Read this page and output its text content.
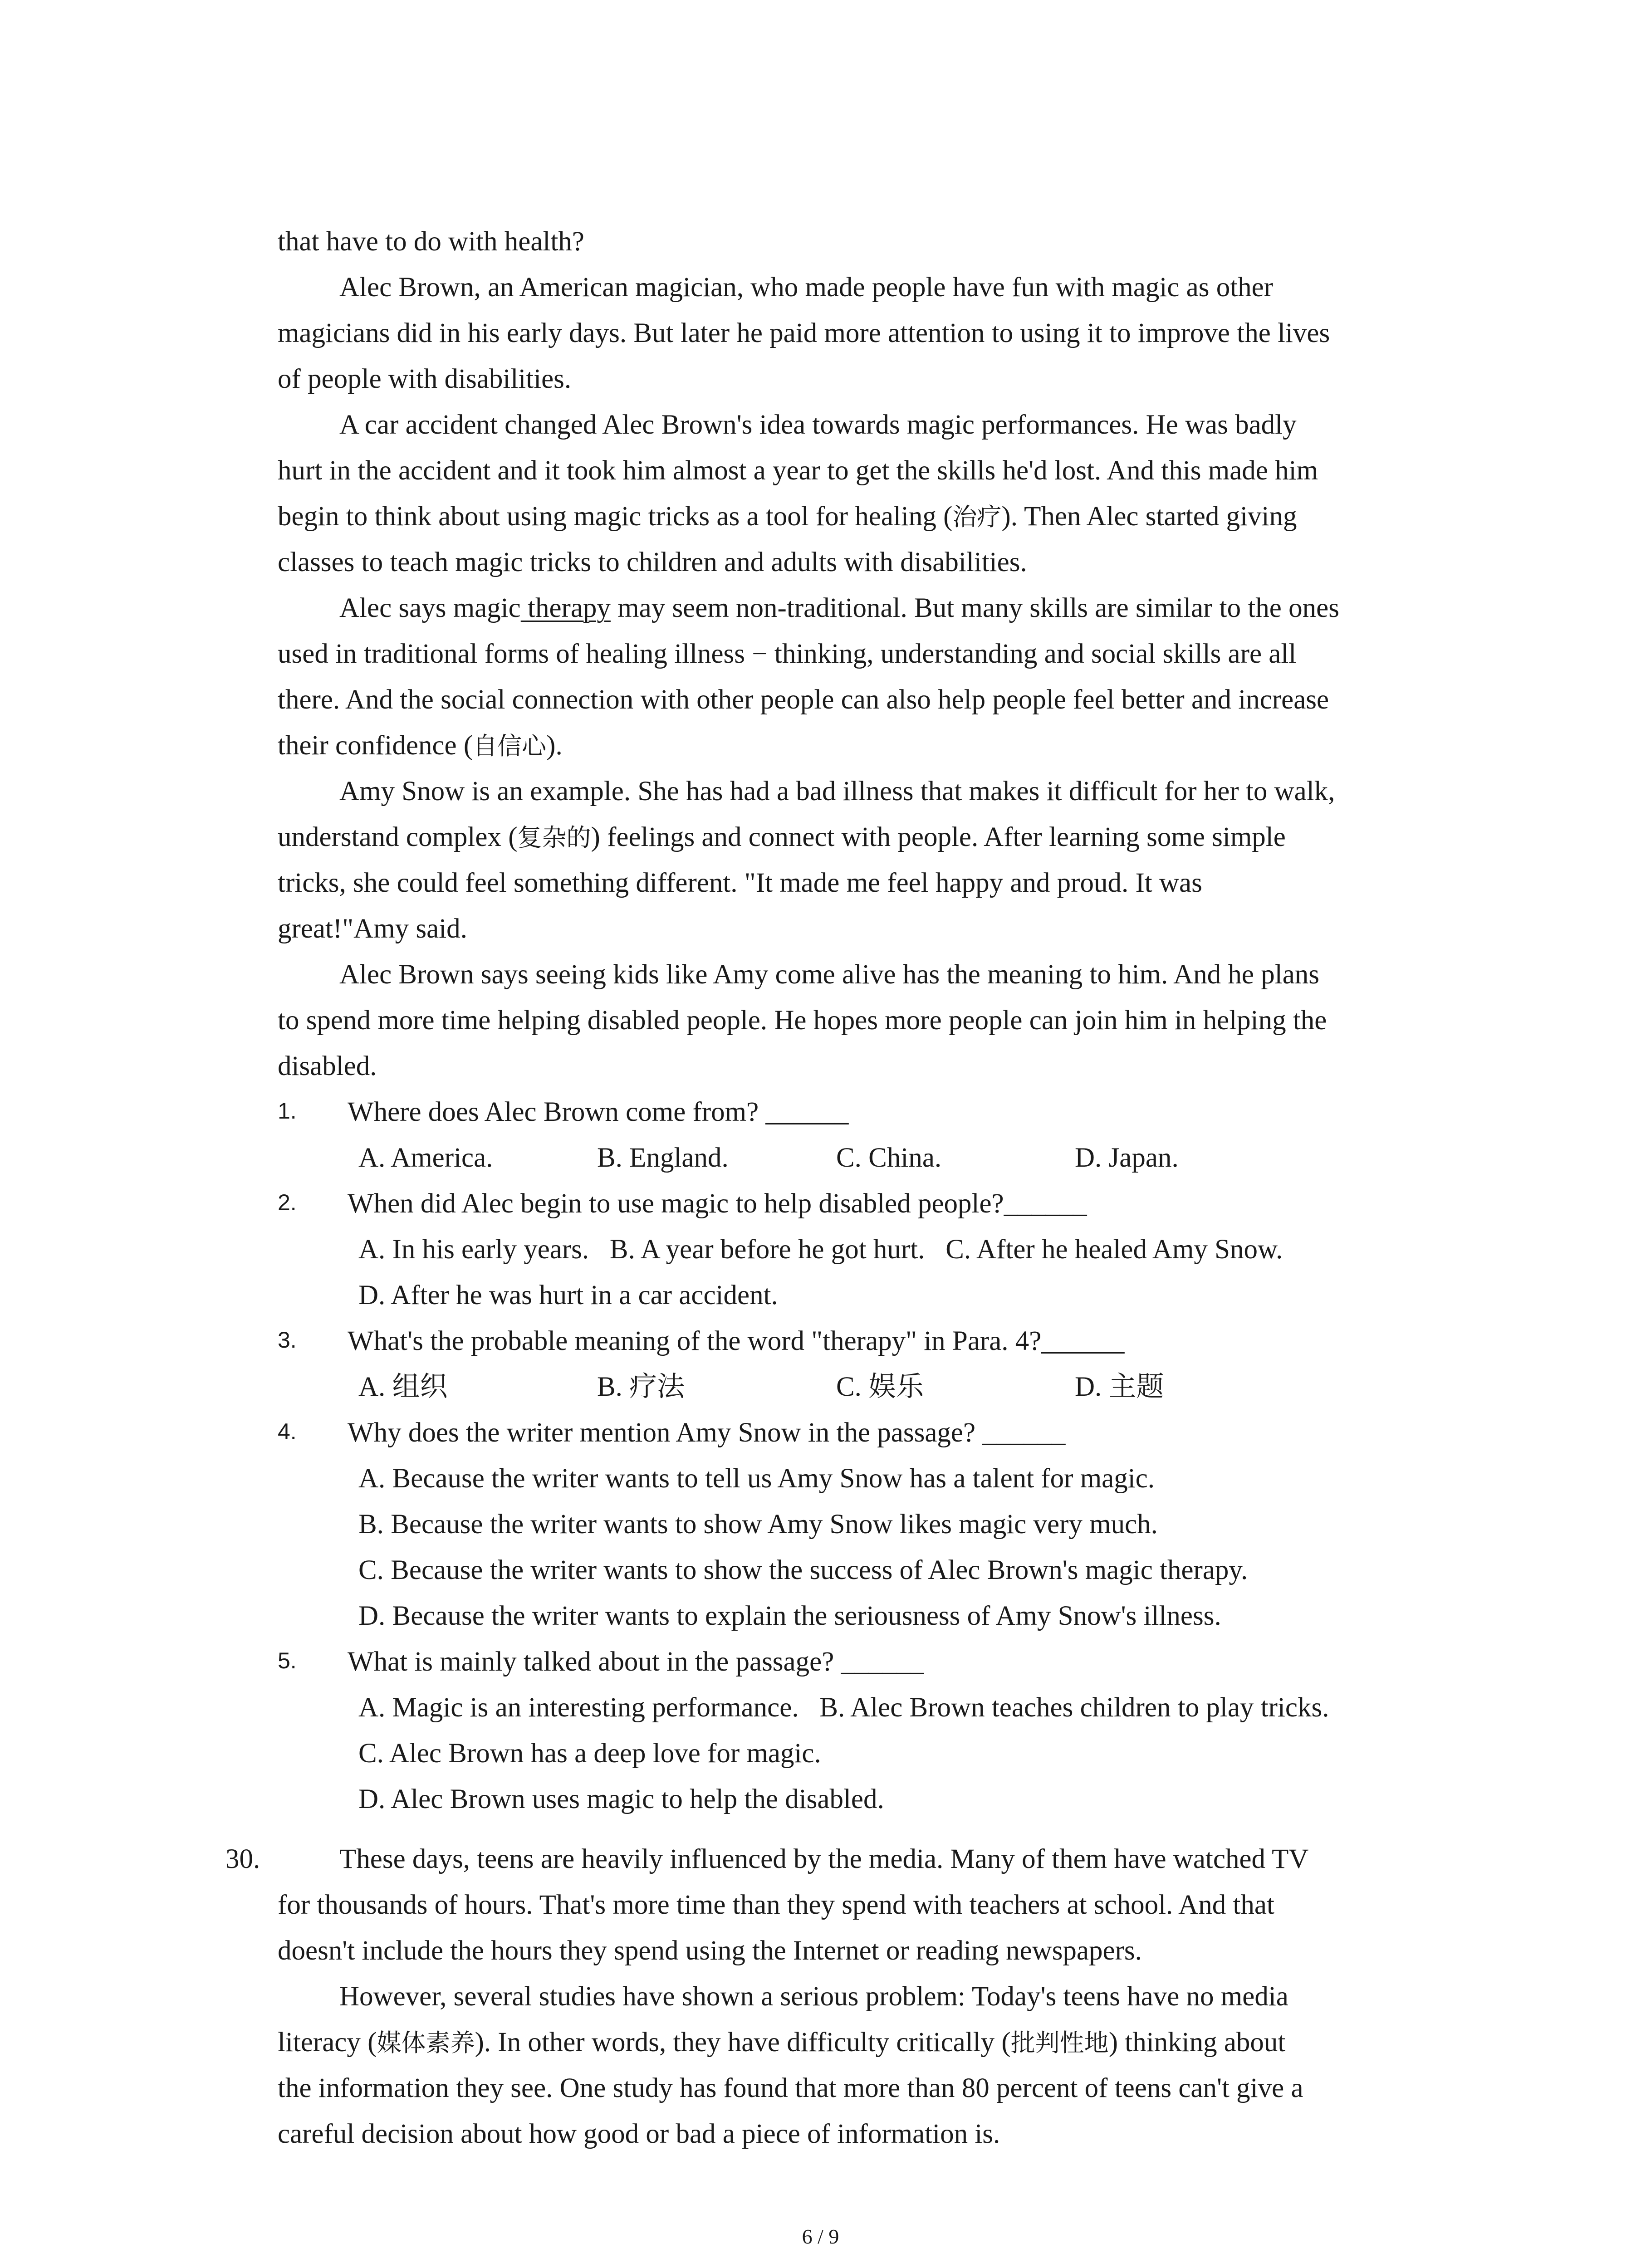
that have to do with health?
Alec Brown, an American magician, who made people have fun with magic as other
magicians did in his early days. But later he paid more attention to using it to improve the lives
of people with disabilities.
A car accident changed Alec Brown's idea towards magic performances. He was badly
hurt in the accident and it took him almost a year to get the skills he'd lost. And this made him
begin to think about using magic tricks as a tool for healing (治疗). Then Alec started giving
classes to teach magic tricks to children and adults with disabilities.
Alec says magic therapy may seem non-traditional. But many skills are similar to the ones
used in traditional forms of healing illness − thinking, understanding and social skills are all
there. And the social connection with other people can also help people feel better and increase
their confidence (自信心).
Amy Snow is an example. She has had a bad illness that makes it difficult for her to walk,
understand complex (复杂的) feelings and connect with people. After learning some simple
tricks, she could feel something different. "It made me feel happy and proud. It was
great!"Amy said.
Alec Brown says seeing kids like Amy come alive has the meaning to him. And he plans
to spend more time helping disabled people. He hopes more people can join him in helping the
disabled.
1. Where does Alec Brown come from? ______
A. America.	B. England.	C. China.	D. Japan.
2. When did Alec begin to use magic to help disabled people?______
A. In his early years.   B. A year before he got hurt.   C. After he healed Amy Snow.
D. After he was hurt in a car accident.
3. What's the probable meaning of the word "therapy" in Para. 4?______
A. 组织	B. 疗法	C. 娱乐	D. 主题
4. Why does the writer mention Amy Snow in the passage? ______
A. Because the writer wants to tell us Amy Snow has a talent for magic.
B. Because the writer wants to show Amy Snow likes magic very much.
C. Because the writer wants to show the success of Alec Brown's magic therapy.
D. Because the writer wants to explain the seriousness of Amy Snow's illness.
5. What is mainly talked about in the passage? ______
A. Magic is an interesting performance.   B. Alec Brown teaches children to play tricks.
C. Alec Brown has a deep love for magic.
D. Alec Brown uses magic to help the disabled.
30.	These days, teens are heavily influenced by the media. Many of them have watched TV
for thousands of hours. That's more time than they spend with teachers at school. And that
doesn't include the hours they spend using the Internet or reading newspapers.
However, several studies have shown a serious problem: Today's teens have no media
literacy (媒体素养). In other words, they have difficulty critically (批判性地) thinking about
the information they see. One study has found that more than 80 percent of teens can't give a
careful decision about how good or bad a piece of information is.
6 / 9
